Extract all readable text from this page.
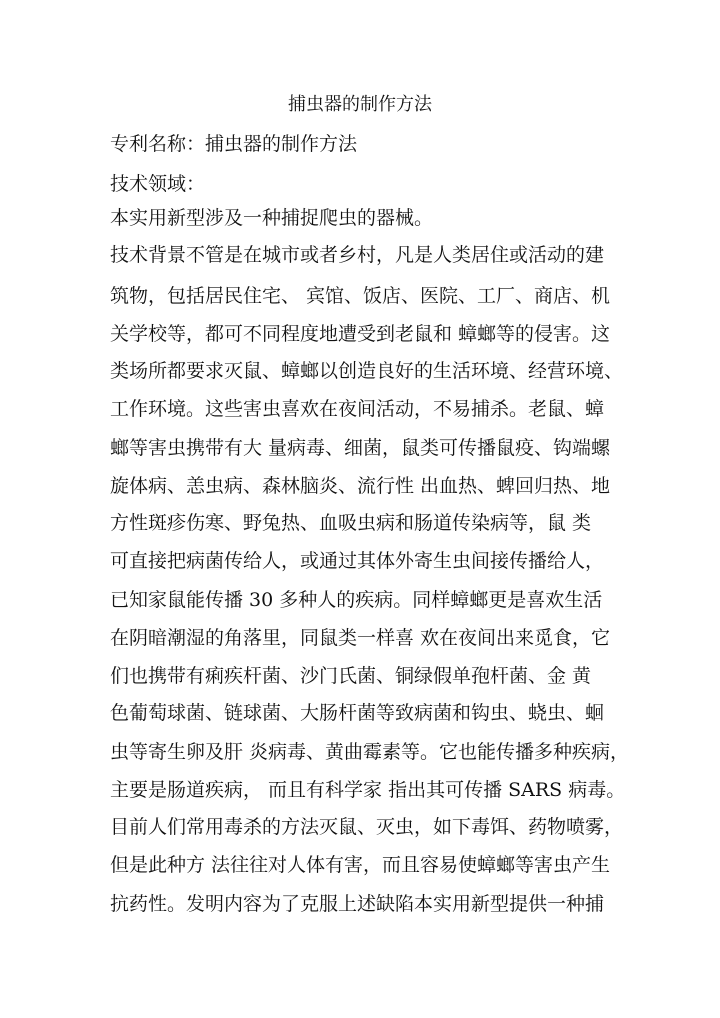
捕虫器的制作方法
专利名称：捕虫器的制作方法
技术领域：
本实用新型涉及一种捕捉爬虫的器械。
技术背景不管是在城市或者乡村，凡是人类居住或活动的建
筑物，包括居民住宅、 宾馆、饭店、医院、工厂、商店、机
关学校等，都可不同程度地遭受到老鼠和 蟑螂等的侵害。这
类场所都要求灭鼠、蟑螂以创造良好的生活环境、经营环境、
工作环境。这些害虫喜欢在夜间活动，不易捕杀。老鼠、蟑
螂等害虫携带有大 量病毒、细菌，鼠类可传播鼠疫、钩端螺
旋体病、恙虫病、森林脑炎、流行性 出血热、蜱回归热、地
方性斑疹伤寒、野兔热、血吸虫病和肠道传染病等，鼠 类
可直接把病菌传给人，或通过其体外寄生虫间接传播给人，
已知家鼠能传播 30 多种人的疾病。同样蟑螂更是喜欢生活
在阴暗潮湿的角落里，同鼠类一样喜 欢在夜间出来觅食，它
们也携带有痢疾杆菌、沙门氏菌、铜绿假单孢杆菌、金 黄
色葡萄球菌、链球菌、大肠杆菌等致病菌和钩虫、蛲虫、蛔
虫等寄生卵及肝 炎病毒、黄曲霉素等。它也能传播多种疾病，
主要是肠道疾病， 而且有科学家 指出其可传播 SARS 病毒。
目前人们常用毒杀的方法灭鼠、灭虫，如下毒饵、药物喷雾，
但是此种方 法往往对人体有害，而且容易使蟑螂等害虫产生
抗药性。发明内容为了克服上述缺陷本实用新型提供一种捕
